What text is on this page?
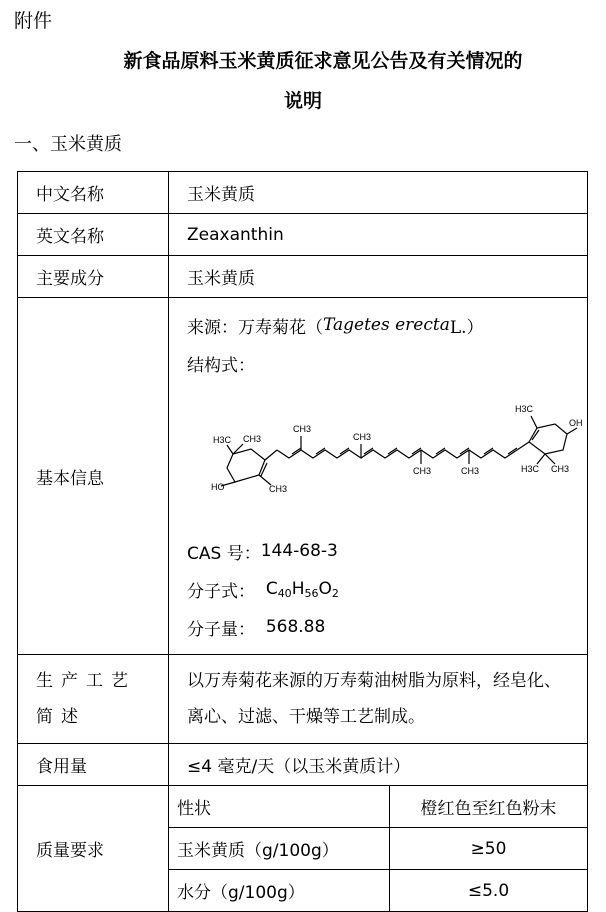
附件
新食品原料玉米黄质征求意见公告及有关情况的
说明
一、玉米黄质
中文名称	玉米黄质
英文名称	Zeaxanthin
主要成分	玉米黄质
基本信息	
来源：万寿菊花（ Tagetes erecta L.）
结构式：
HO
H3C CH3
CH3
CH3
CH3
CH3	CH3
H3C
OH
H3C CH3
CAS 号： 144-68-3
分子式：
$C_{40}H_{56}O_2$
分子量：
568.88

生产工艺简述	以万寿菊花来源的万寿菊油树脂为原料，经皂化、离心、过滤、干燥等工艺制成。
食用量	≤4 毫克/天（以玉米黄质计）
质量要求	
性状	橙红色至红色粉末
玉米黄质（g/100g）	≥50
水分（g/100g）	≤5.0
